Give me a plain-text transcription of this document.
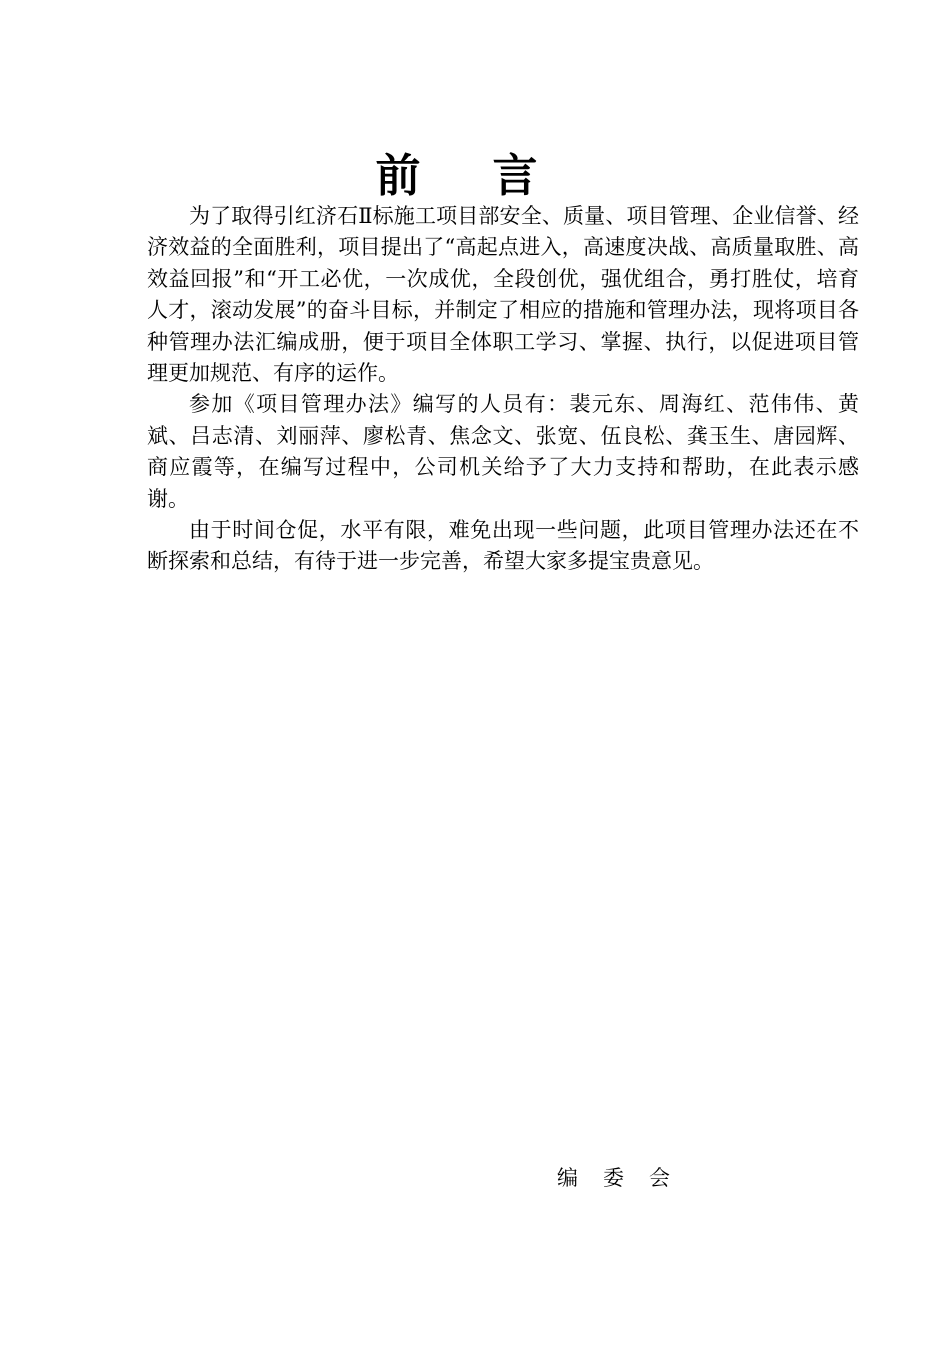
前言

为了取得引红济石Ⅱ标施工项目部安全、质量、项目管理、企业信誉、经济效益的全面胜利，项目提出了“高起点进入，高速度决战、高质量取胜、高效益回报”和“开工必优，一次成优，全段创优，强优组合，勇打胜仗，培育人才，滚动发展”的奋斗目标，并制定了相应的措施和管理办法，现将项目各种管理办法汇编成册，便于项目全体职工学习、掌握、执行，以促进项目管理更加规范、有序的运作。

参加《项目管理办法》编写的人员有：裴元东、周海红、范伟伟、黄斌、吕志清、刘丽萍、廖松青、焦念文、张宽、伍良松、龚玉生、唐园辉、商应霞等，在编写过程中，公司机关给予了大力支持和帮助，在此表示感谢。

由于时间仓促，水平有限，难免出现一些问题，此项目管理办法还在不断探索和总结，有待于进一步完善，希望大家多提宝贵意见。

编委会
